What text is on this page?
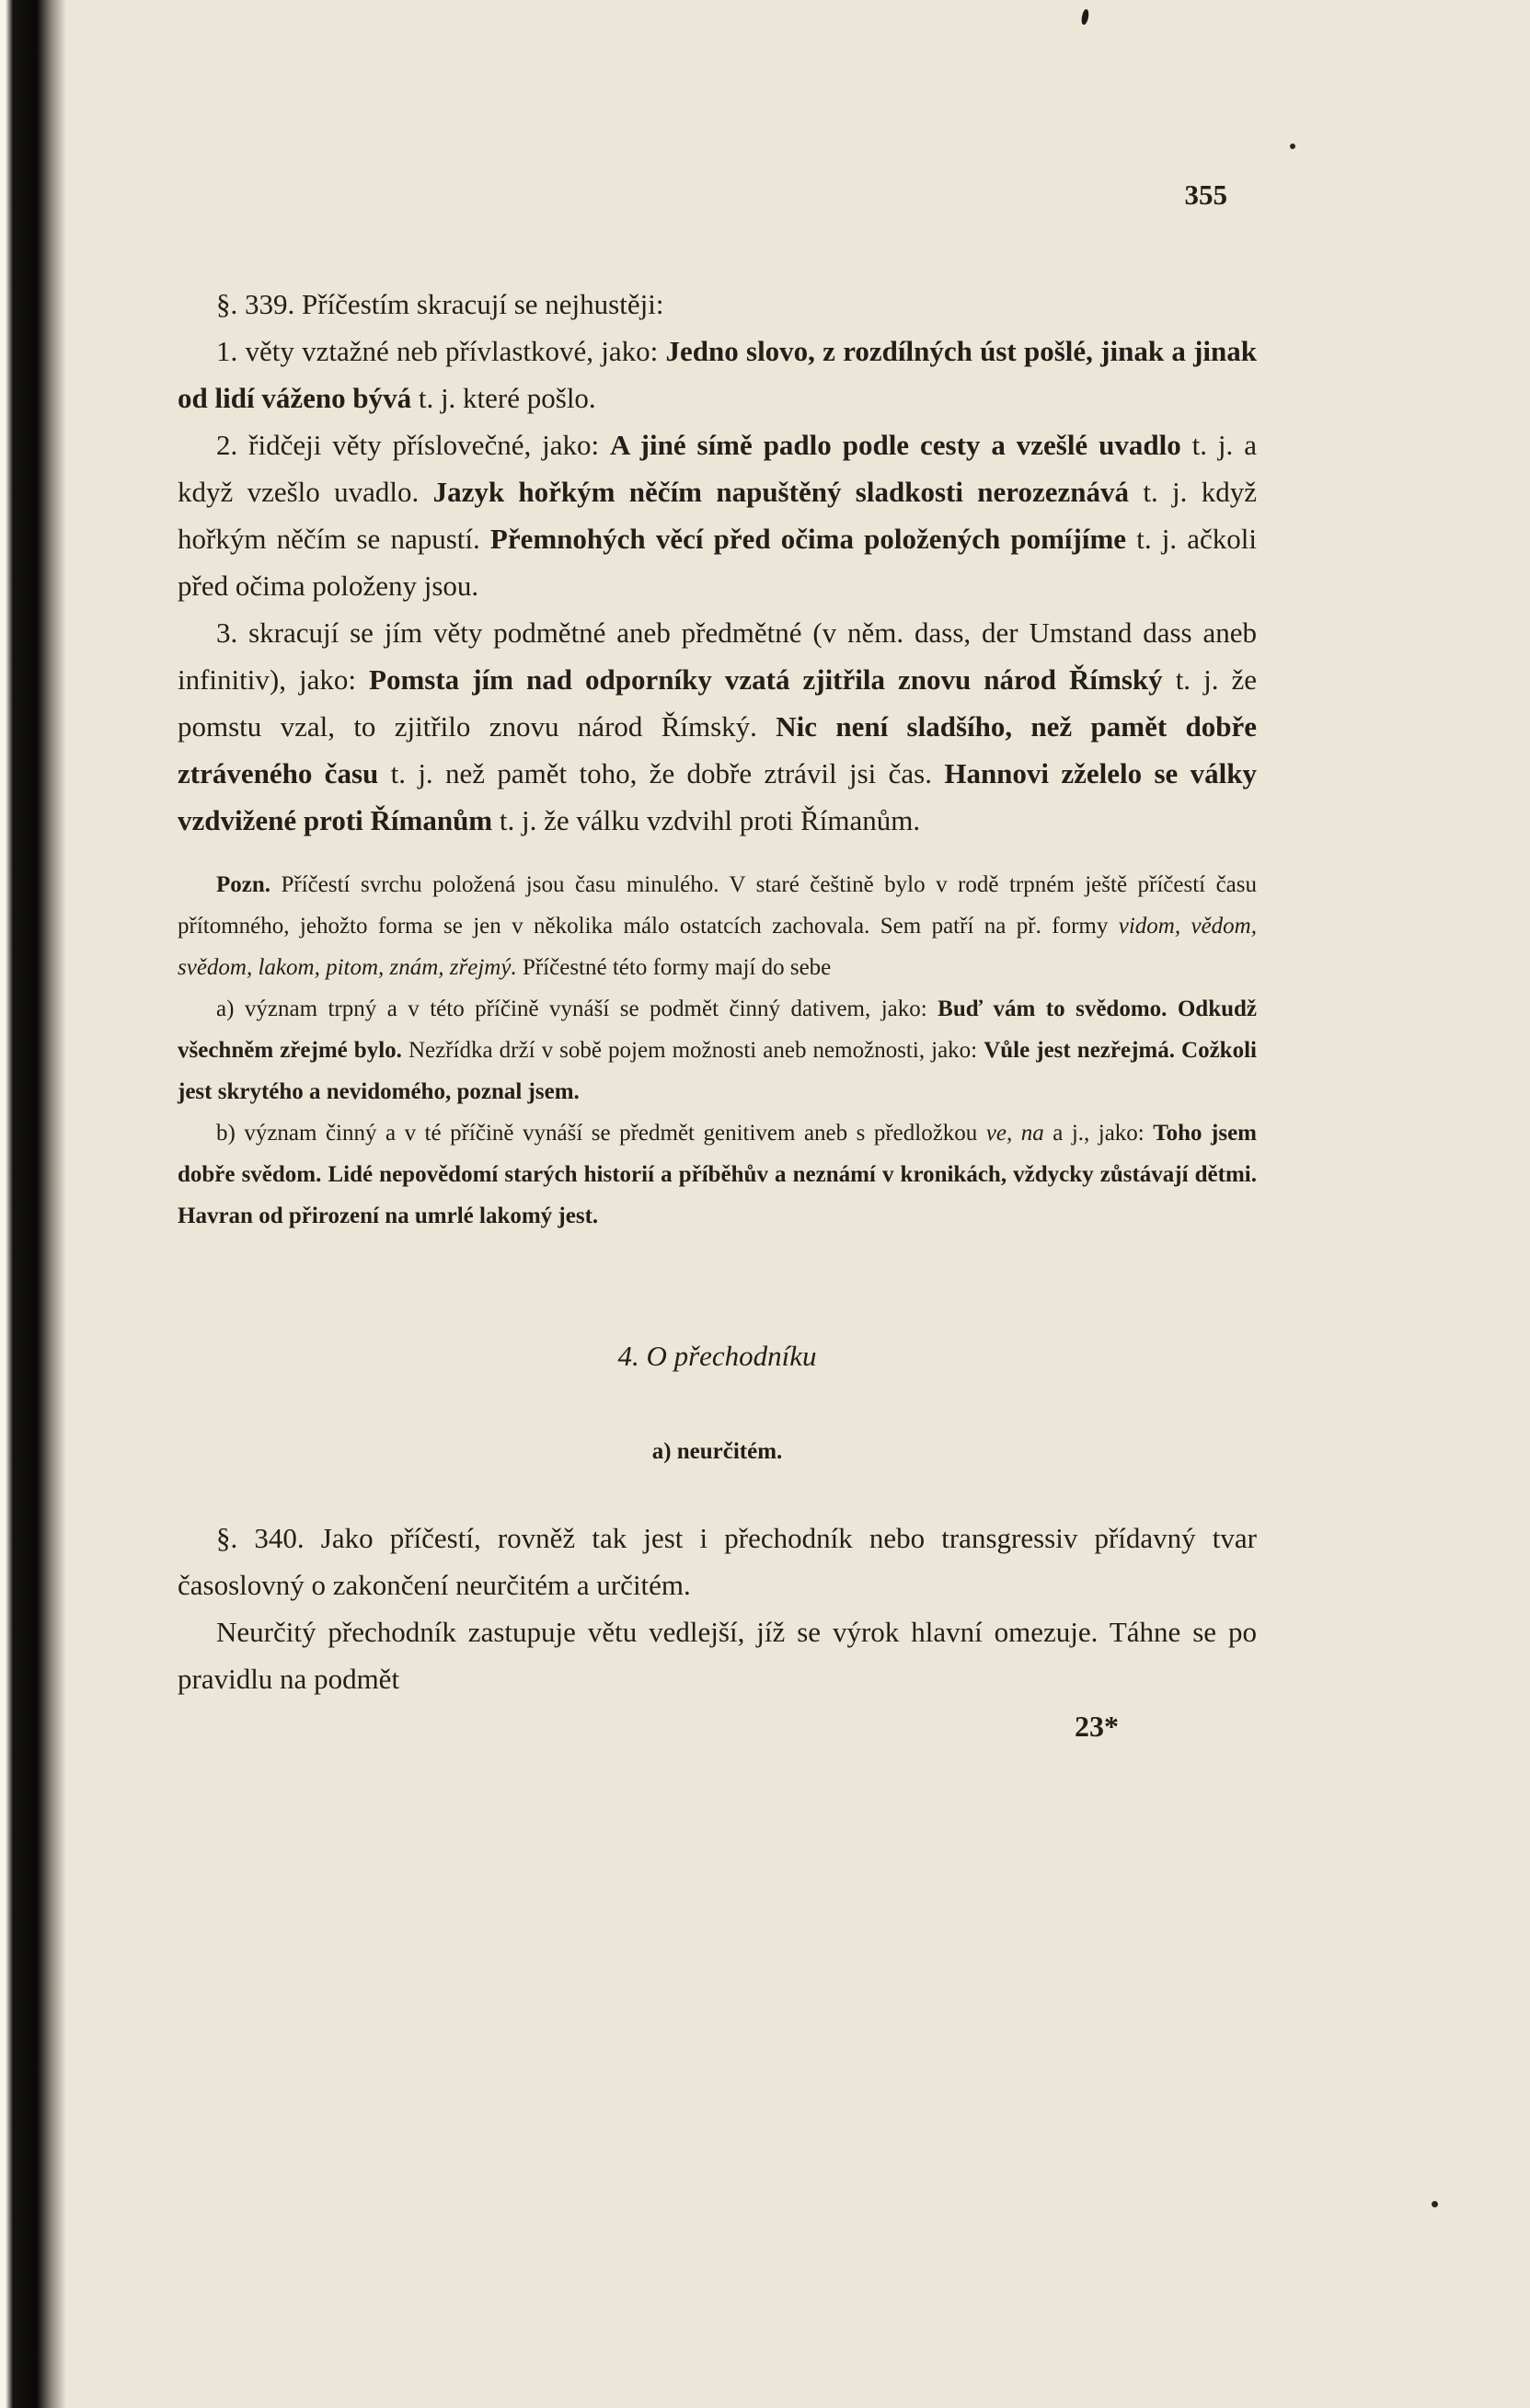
355

§. 339. Příčestím skracují se nejhustěji:

1. věty vztažné neb přívlastkové, jako: Jedno slovo, z rozdílných úst pošlé, jinak a jinak od lidí váženo bývá t. j. které pošlo.

2. řidčeji věty příslovečné, jako: A jiné símě padlo podle cesty a vzešlé uvadlo t. j. a když vzešlo uvadlo. Jazyk hořkým něčím napuštěný sladkosti nerozeznává t. j. když hořkým něčím se napustí. Přemnohých věcí před očima položených pomíjíme t. j. ačkoli před očima položeny jsou.

3. skracují se jím věty podmětné aneb předmětné (v něm. dass, der Umstand dass aneb infinitiv), jako: Pomsta jím nad odporníky vzatá zjitřila znovu národ Římský t. j. že pomstu vzal, to zjitřilo znovu národ Římský. Nic není sladšího, než pamět dobře ztráveného času t. j. než pamět toho, že dobře ztrávil jsi čas. Hannovi zželelo se války vzdvižené proti Římanům t. j. že válku vzdvihl proti Římanům.

Pozn. Příčestí svrchu položená jsou času minulého. V staré češtině bylo v rodě trpném ještě příčestí času přítomného, jehožto forma se jen v několika málo ostatcích zachovala. Sem patří na př. formy vidom, vědom, svědom, lakom, pitom, znám, zřejmý. Příčestné této formy mají do sebe

a) význam trpný a v této příčině vynáší se podmět činný dativem, jako: Buď vám to svědomo. Odkudž všechněm zřejmé bylo. Nezřídka drží v sobě pojem možnosti aneb nemožnosti, jako: Vůle jest nezřejmá. Cožkoli jest skrytého a nevidomého, poznal jsem.

b) význam činný a v té příčině vynáší se předmět genitivem aneb s předložkou ve, na a j., jako: Toho jsem dobře svědom. Lidé nepovědomí starých historií a příběhův a neznámí v kronikách, vždycky zůstávají dětmi. Havran od přirození na umrlé lakomý jest.

4. O přechodníku

a) neurčitém.

§. 340. Jako příčestí, rovněž tak jest i přechodník nebo transgressiv přídavný tvar časoslovný o zakončení neurčitém a určitém.

Neurčitý přechodník zastupuje větu vedlejší, jíž se výrok hlavní omezuje. Táhne se po pravidlu na podmět

23*
